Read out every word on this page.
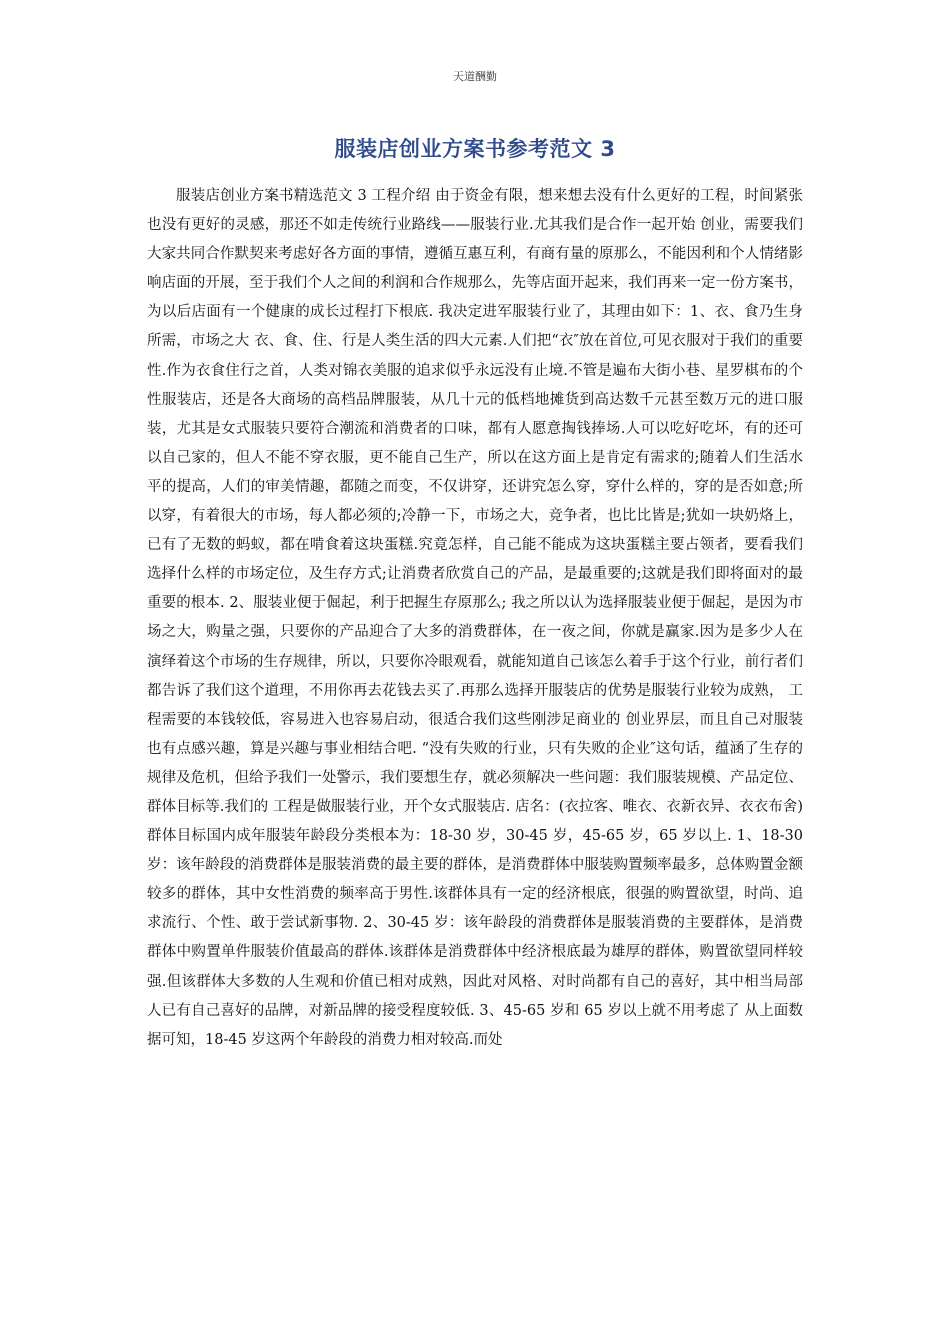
天道酬勤
服装店创业方案书参考范文 3

服装店创业方案书精选范文 3 工程介绍 由于资金有限，想来想去没有什么更好的工程，时间紧张也没有更好的灵感，那还不如走传统行业路线——服装行业.尤其我们是合作一起开始 创业，需要我们大家共同合作默契来考虑好各方面的事情，遵循互惠互利，有商有量的原那么，不能因利和个人情绪影响店面的开展，至于我们个人之间的利润和合作规那么，先等店面开起来，我们再来一定一份方案书，为以后店面有一个健康的成长过程打下根底. 我决定进军服装行业了，其理由如下：1、衣、食乃生身所需，市场之大 衣、食、住、行是人类生活的四大元素.人们把“衣″放在首位,可见衣服对于我们的重要性.作为衣食住行之首，人类对锦衣美服的追求似乎永远没有止境.不管是遍布大街小巷、星罗棋布的个性服装店，还是各大商场的高档品牌服装，从几十元的低档地摊货到高达数千元甚至数万元的进口服装，尤其是女式服装只要符合潮流和消费者的口味，都有人愿意掏钱捧场.人可以吃好吃坏，有的还可以自己家的，但人不能不穿衣服，更不能自己生产，所以在这方面上是肯定有需求的;随着人们生活水平的提高，人们的审美情趣，都随之而变，不仅讲穿，还讲究怎么穿，穿什么样的，穿的是否如意;所以穿，有着很大的市场，每人都必须的;冷静一下，市场之大，竞争者，也比比皆是;犹如一块奶烙上，已有了无数的蚂蚁，都在啃食着这块蛋糕.究竟怎样，自己能不能成为这块蛋糕主要占领者，要看我们选择什么样的市场定位，及生存方式;让消费者欣赏自己的产品，是最重要的;这就是我们即将面对的最重要的根本. 2、服装业便于倔起，利于把握生存原那么; 我之所以认为选择服装业便于倔起，是因为市场之大，购量之强，只要你的产品迎合了大多的消费群体，在一夜之间，你就是赢家.因为是多少人在演绎着这个市场的生存规律，所以，只要你冷眼观看，就能知道自己该怎么着手于这个行业，前行者们都告诉了我们这个道理，不用你再去花钱去买了.再那么选择开服装店的优势是服装行业较为成熟， 工程需要的本钱较低，容易进入也容易启动，很适合我们这些刚涉足商业的 创业界层，而且自己对服装也有点感兴趣，算是兴趣与事业相结合吧. “没有失败的行业，只有失败的企业″这句话，蕴涵了生存的规律及危机，但给予我们一处警示，我们要想生存，就必须解决一些问题：我们服装规模、产品定位、群体目标等.我们的 工程是做服装行业，开个女式服装店. 店名：(衣拉客、唯衣、衣新衣异、衣衣布舍)群体目标国内成年服装年龄段分类根本为：18-30 岁，30-45 岁，45-65 岁，65 岁以上. 1、18-30 岁：该年龄段的消费群体是服装消费的最主要的群体，是消费群体中服装购置频率最多，总体购置金额较多的群体，其中女性消费的频率高于男性.该群体具有一定的经济根底，很强的购置欲望，时尚、追求流行、个性、敢于尝试新事物. 2、30-45 岁：该年龄段的消费群体是服装消费的主要群体，是消费群体中购置单件服装价值最高的群体.该群体是消费群体中经济根底最为雄厚的群体，购置欲望同样较强.但该群体大多数的人生观和价值已相对成熟，因此对风格、对时尚都有自己的喜好，其中相当局部人已有自己喜好的品牌，对新品牌的接受程度较低. 3、45-65 岁和 65 岁以上就不用考虑了 从上面数据可知，18-45 岁这两个年龄段的消费力相对较高.而处
